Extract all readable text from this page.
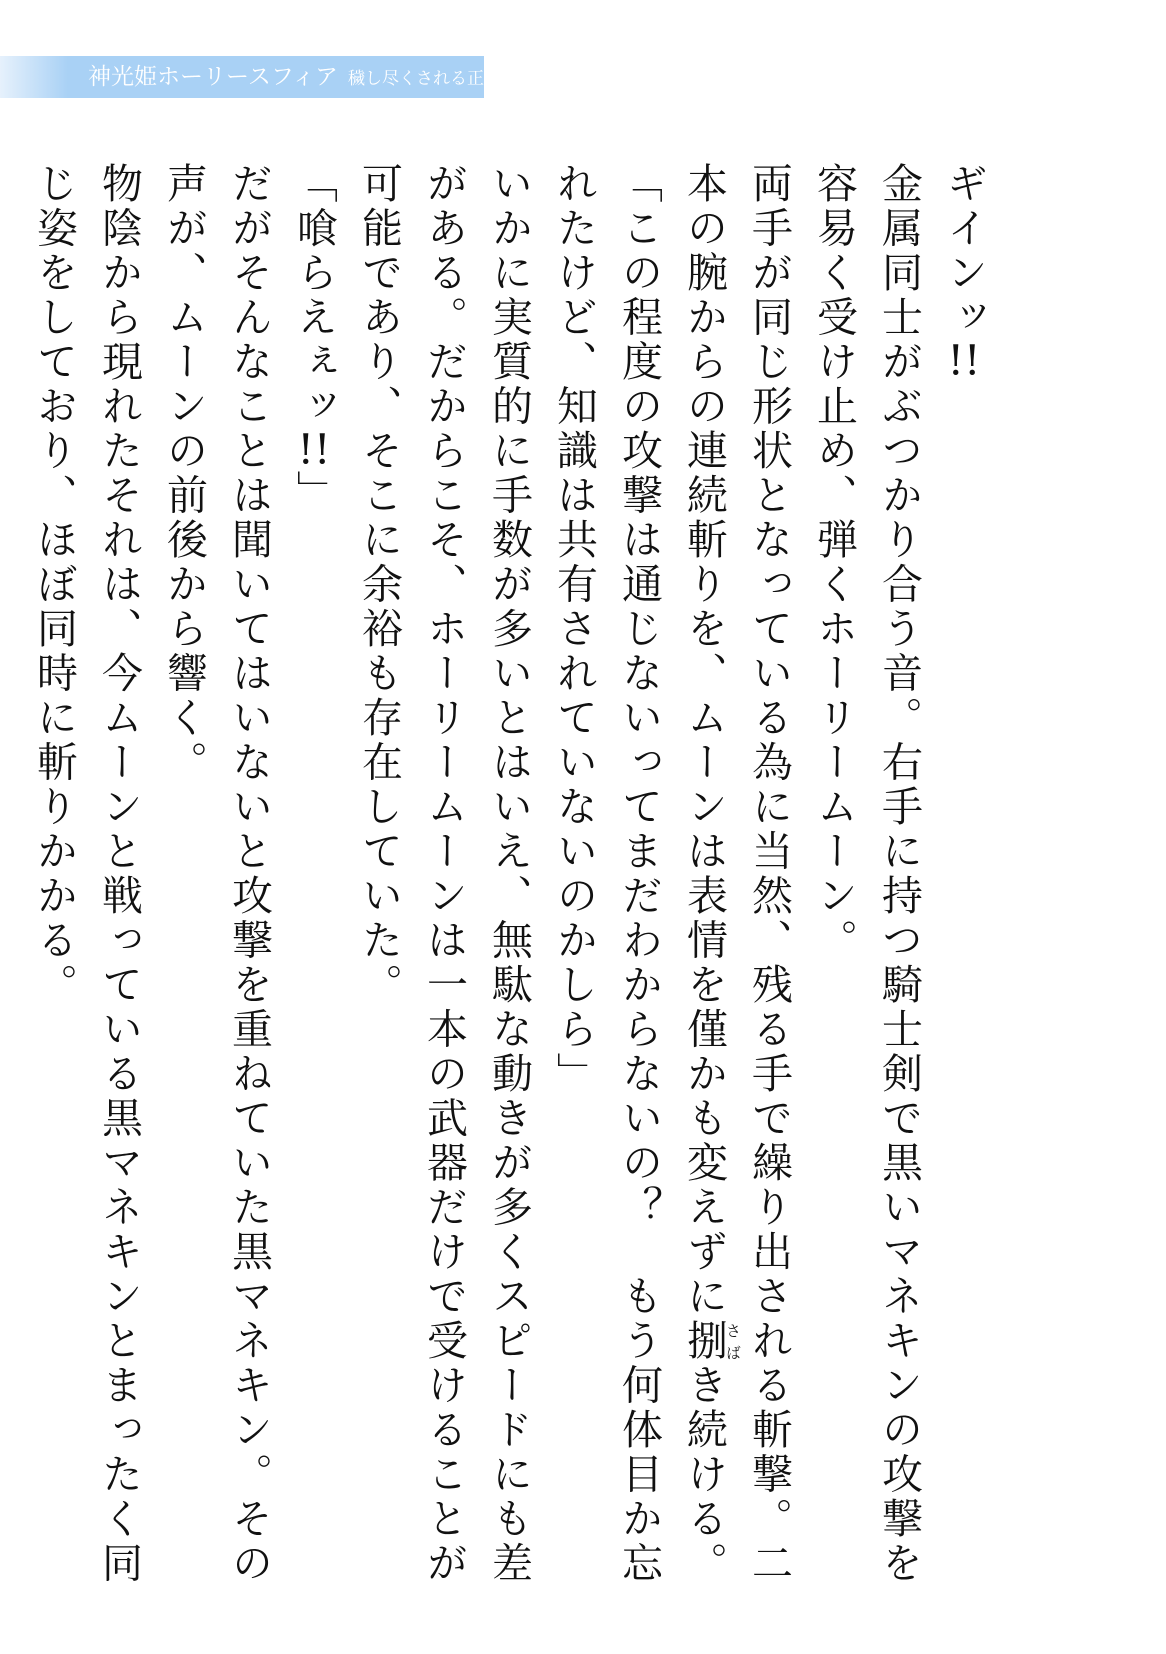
神光姫ホーリースフィア 穢し尽くされる正義

ギインッ!!

金属同士がぶつかり合う音。右手に持つ騎士剣で黒いマネキンの攻撃を容易く受け止め、弾くホーリームーン。

両手が同じ形状となっている為に当然、残る手で繰り出される斬撃。二本の腕からの連続斬りを、ムーンは表情を僅かも変えずに捌さばき続ける。

「この程度の攻撃は通じないってまだわからないの？　もう何体目か忘れたけど、知識は共有されていないのかしら」

いかに実質的に手数が多いとはいえ、無駄な動きが多くスピードにも差がある。だからこそ、ホーリームーンは一本の武器だけで受けることが可能であり、そこに余裕も存在していた。

「喰らえぇッ!!」

だがそんなことは聞いてはいないと攻撃を重ねていた黒マネキン。その声が、ムーンの前後から響く。

物陰から現れたそれは、今ムーンと戦っている黒マネキンとまったく同じ姿をしており、ほぼ同時に斬りかかる。
